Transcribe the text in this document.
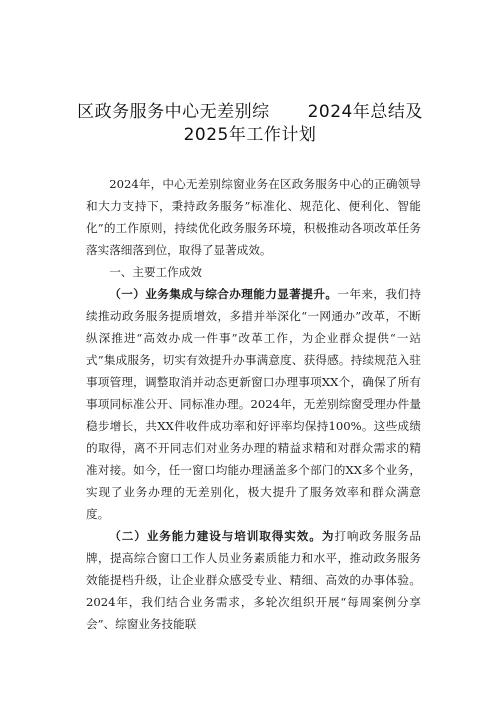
区政务服务中心无差别综 2024年总结及
2025年工作计划

2024年，中心无差别综窗业务在区政务服务中心的正确领导和大力支持下，秉持政务服务”标准化、规范化、便利化、智能化”的工作原则，持续优化政务服务环境，积极推动各项改革任务落实落细落到位，取得了显著成效。

一、主要工作成效

（一）业务集成与综合办理能力显著提升。一年来，我们持续推动政务服务提质增效，多措并举深化“一网通办”改革，不断纵深推进“高效办成一件事”改革工作，为企业群众提供“一站式”集成服务，切实有效提升办事满意度、获得感。持续规范入驻事项管理，调整取消并动态更新窗口办理事项XX个，确保了所有事项同标准公开、同标准办理。2024年，无差别综窗受理办件量稳步增长，共XX件收件成功率和好评率均保持100%。这些成绩的取得，离不开同志们对业务办理的精益求精和对群众需求的精准对接。如今，任一窗口均能办理涵盖多个部门的XX多个业务，实现了业务办理的无差别化，极大提升了服务效率和群众满意度。

（二）业务能力建设与培训取得实效。为打响政务服务品牌，提高综合窗口工作人员业务素质能力和水平，推动政务服务效能提档升级，让企业群众感受专业、精细、高效的办事体验。2024年，我们结合业务需求，多轮次组织开展“每周案例分享会”、综窗业务技能联
